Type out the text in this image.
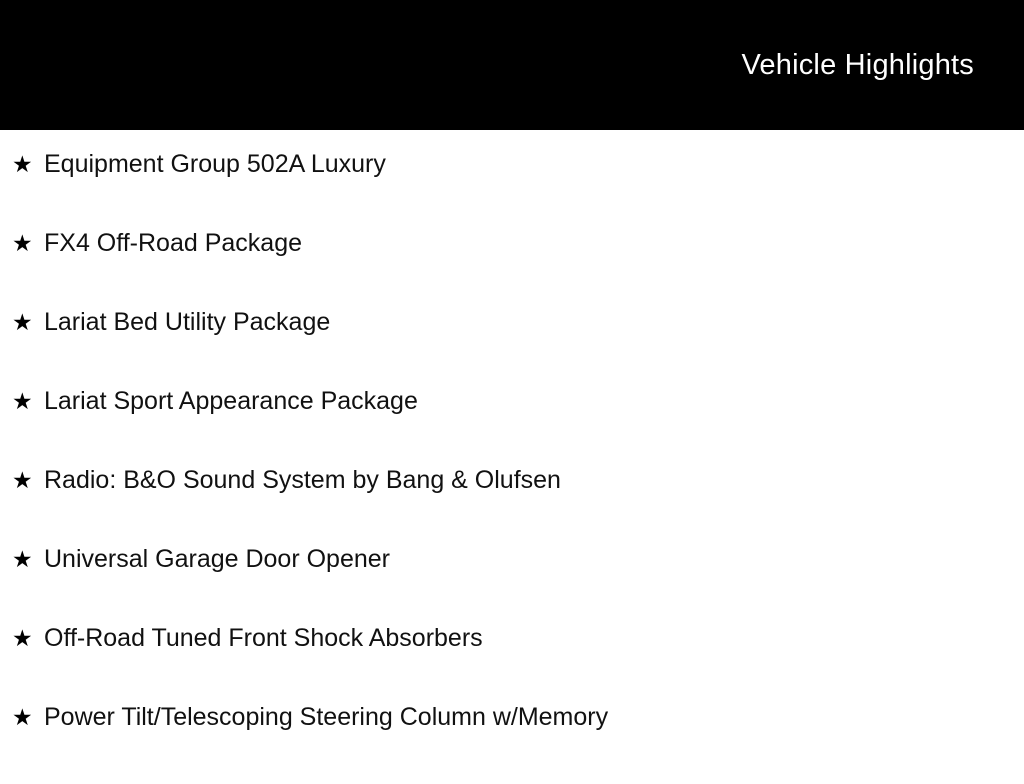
Vehicle Highlights
★ Equipment Group 502A Luxury
★ FX4 Off-Road Package
★ Lariat Bed Utility Package
★ Lariat Sport Appearance Package
★ Radio: B&O Sound System by Bang & Olufsen
★ Universal Garage Door Opener
★ Off-Road Tuned Front Shock Absorbers
★ Power Tilt/Telescoping Steering Column w/Memory
